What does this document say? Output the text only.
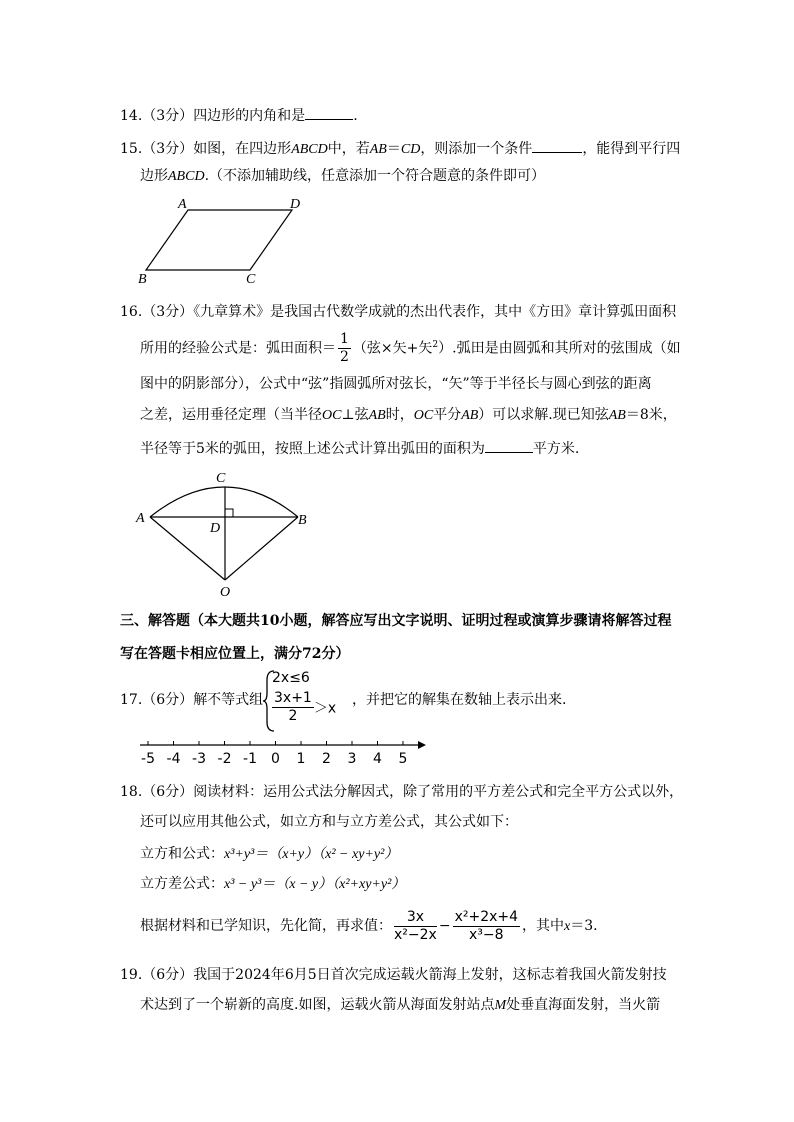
14.（3分）四边形的内角和是	.
15.（3分）如图，在四边形ABCD中，若AB＝CD，则添加一个条件	，能得到平行四
边形ABCD.（不添加辅助线，任意添加一个符合题意的条件即可）
A	D
B	C
16.（3分）《九章算术》是我国古代数学成就的杰出代表作，其中《方田》章计算弧田面积
所用的经验公式是：弧田面积＝ $\frac{1}{2}$ （弦×矢+矢$^2$）.弧田是由圆弧和其所对的弦围成（如
图中的阴影部分），公式中“弦”指圆弧所对弦长，“矢”等于半径长与圆心到弦的距离
之差，运用垂径定理（当半径OC⊥弦AB时，OC平分AB）可以求解.现已知弦AB＝8米，
半径等于5米的弧田，按照上述公式计算出弧田的面积为	平方米.
C
A	B
D
O
三、解答题（本大题共10小题，解答应写出文字说明、证明过程或演算步骤请将解答过程
写在答题卡相应位置上，满分72分）
17.（6分）解不等式组
2x≤6
$\frac{3x+1}{2} >x$
，并把它的解集在数轴上表示出来.
-5 -4 -3 -2 -1 0 1 2 3 4 5
18.（6分）阅读材料：运用公式法分解因式，除了常用的平方差公式和完全平方公式以外，
还可以应用其他公式，如立方和与立方差公式，其公式如下：
立方和公式：x³+y³＝（x+y）（x² − xy+y²）
立方差公式：x³ − y³＝（x − y）（x²+xy+y²）
根据材料和已学知识，先化简，再求值： $\frac{3x}{\text{x²−2x}} - \frac{\text{x²+2x+4}}{\text{x³−8}}$ ，其中x＝3.
19.（6分）我国于2024年6月5日首次完成运载火箭海上发射，这标志着我国火箭发射技
术达到了一个崭新的高度.如图，运载火箭从海面发射站点M处垂直海面发射，当火箭
